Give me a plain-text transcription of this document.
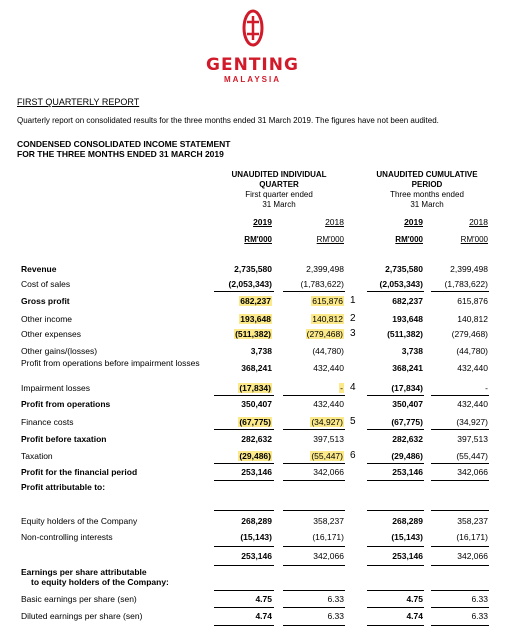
GENTING
MALAYSIA
FIRST QUARTERLY REPORT
Quarterly report on consolidated results for the three months ended 31 March 2019. The figures have not been audited.
CONDENSED CONSOLIDATED INCOME STATEMENT
FOR THE THREE MONTHS ENDED 31 MARCH 2019
UNAUDITED INDIVIDUAL
QUARTER
First quarter ended
31 March
UNAUDITED CUMULATIVE
PERIOD
Three months ended
31 March
2019	2018	2019	2018
RM'000	RM'000	RM'000	RM'000
Revenue	2,735,580	2,399,498	2,735,580	2,399,498
Cost of sales	(2,053,343)	(1,783,622)	(2,053,343)	(1,783,622)
Gross profit	682,237	615,876	682,237	615,876
1
Other income	193,648	140,812	193,648	140,812
2
Other expenses	(511,382)	(279,468)	(511,382)	(279,468)
3
Other gains/(losses)	3,738	(44,780)	3,738	(44,780)
Profit from operations before impairment losses	368,241	432,440	368,241	432,440
Impairment losses	(17,834)	-	(17,834)	-
4
Profit from operations	350,407	432,440	350,407	432,440
Finance costs	(67,775)	(34,927)	(67,775)	(34,927)
5
Profit before taxation	282,632	397,513	282,632	397,513
Taxation	(29,486)	(55,447)	(29,486)	(55,447)
6
Profit for the financial period	253,146	342,066	253,146	342,066
Profit attributable to:
Equity holders of the Company	268,289	358,237	268,289	358,237
Non-controlling interests	(15,143)	(16,171)	(15,143)	(16,171)
253,146	342,066	253,146	342,066
Earnings per share attributable
to equity holders of the Company:
Basic earnings per share (sen)	4.75	6.33	4.75	6.33
Diluted earnings per share (sen)	4.74	6.33	4.74	6.33
